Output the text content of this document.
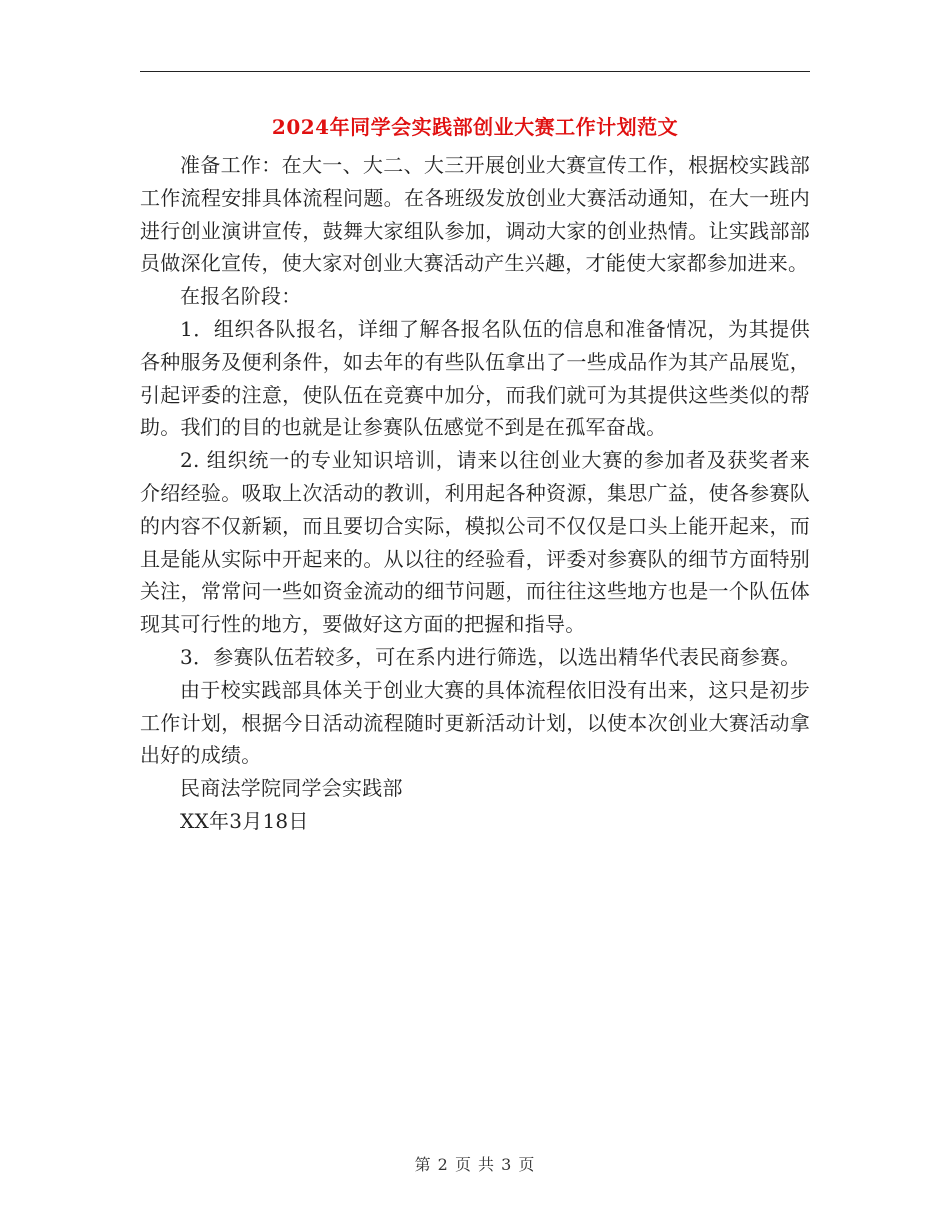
2024年同学会实践部创业大赛工作计划范文

准备工作：在大一、大二、大三开展创业大赛宣传工作，根据校实践部工作流程安排具体流程问题。在各班级发放创业大赛活动通知，在大一班内进行创业演讲宣传，鼓舞大家组队参加，调动大家的创业热情。让实践部部员做深化宣传，使大家对创业大赛活动产生兴趣，才能使大家都参加进来。

在报名阶段：

1．组织各队报名，详细了解各报名队伍的信息和准备情况，为其提供各种服务及便利条件，如去年的有些队伍拿出了一些成品作为其产品展览，引起评委的注意，使队伍在竞赛中加分，而我们就可为其提供这些类似的帮助。我们的目的也就是让参赛队伍感觉不到是在孤军奋战。

2. 组织统一的专业知识培训，请来以往创业大赛的参加者及获奖者来介绍经验。吸取上次活动的教训，利用起各种资源，集思广益，使各参赛队的内容不仅新颖，而且要切合实际，模拟公司不仅仅是口头上能开起来，而且是能从实际中开起来的。从以往的经验看，评委对参赛队的细节方面特别关注，常常问一些如资金流动的细节问题，而往往这些地方也是一个队伍体现其可行性的地方，要做好这方面的把握和指导。

3．参赛队伍若较多，可在系内进行筛选，以选出精华代表民商参赛。

由于校实践部具体关于创业大赛的具体流程依旧没有出来，这只是初步工作计划，根据今日活动流程随时更新活动计划，以使本次创业大赛活动拿出好的成绩。

民商法学院同学会实践部

XX年3月18日

第 2 页 共 3 页
